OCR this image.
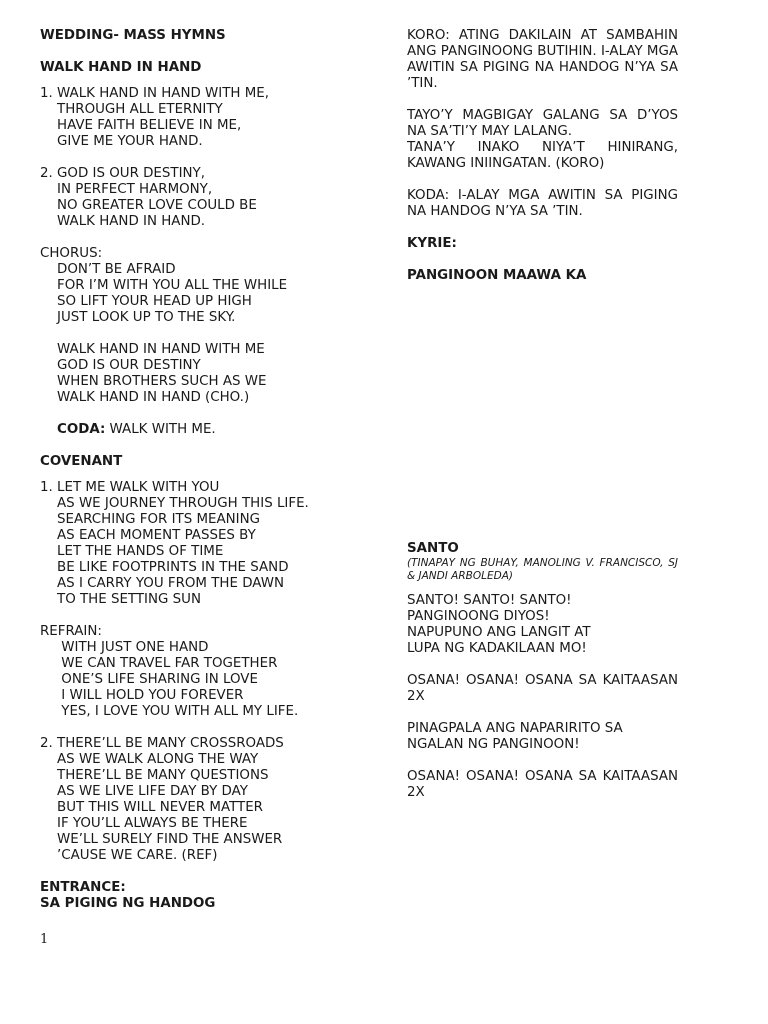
WEDDING- MASS HYMNS
WALK HAND IN HAND
1. WALK HAND IN HAND WITH ME,
THROUGH ALL ETERNITY
HAVE FAITH BELIEVE IN ME,
GIVE ME YOUR HAND.
2. GOD IS OUR DESTINY,
IN PERFECT HARMONY,
NO GREATER LOVE COULD BE
WALK HAND IN HAND.
CHORUS:
DON’T BE AFRAID
FOR I’M WITH YOU ALL THE WHILE
SO LIFT YOUR HEAD UP HIGH
JUST LOOK UP TO THE SKY.
WALK HAND IN HAND WITH ME
GOD IS OUR DESTINY
WHEN BROTHERS SUCH AS WE
WALK HAND IN HAND (CHO.)
CODA: WALK WITH ME.
COVENANT
1. LET ME WALK WITH YOU
AS WE JOURNEY THROUGH THIS LIFE.
SEARCHING FOR ITS MEANING
AS EACH MOMENT PASSES BY
LET THE HANDS OF TIME
BE LIKE FOOTPRINTS IN THE SAND
AS I CARRY YOU FROM THE DAWN
TO THE SETTING SUN
REFRAIN:
WITH JUST ONE HAND
WE CAN TRAVEL FAR TOGETHER
ONE’S LIFE SHARING IN LOVE
I WILL HOLD YOU FOREVER
YES, I LOVE YOU WITH ALL MY LIFE.
2. THERE’LL BE MANY CROSSROADS
AS WE WALK ALONG THE WAY
THERE’LL BE MANY QUESTIONS
AS WE LIVE LIFE DAY BY DAY
BUT THIS WILL NEVER MATTER
IF YOU’LL ALWAYS BE THERE
WE’LL SURELY FIND THE ANSWER
’CAUSE WE CARE. (REF)
ENTRANCE:
SA PIGING NG HANDOG
KORO: ATING DAKILAIN AT SAMBAHIN ANG PANGINOONG BUTIHIN. I-ALAY MGA AWITIN SA PIGING NA HANDOG N’YA SA ’TIN.
TAYO’Y MAGBIGAY GALANG SA D’YOS NA SA’TI’Y MAY LALANG.
TANA’Y INAKO NIYA’T HINIRANG, KAWANG INIINGATAN. (KORO)
KODA: I-ALAY MGA AWITIN SA PIGING NA HANDOG N’YA SA ’TIN.
KYRIE:
PANGINOON MAAWA KA
SANTO
(TINAPAY NG BUHAY, MANOLING V. FRANCISCO, SJ & JANDI ARBOLEDA)
SANTO! SANTO! SANTO!
PANGINOONG DIYOS!
NAPUPUNO ANG LANGIT AT
LUPA NG KADAKILAAN MO!
OSANA! OSANA! OSANA SA KAITAASAN 2X
PINAGPALA ANG NAPARIRITO SA
NGALAN NG PANGINOON!
OSANA! OSANA! OSANA SA KAITAASAN 2X
1
